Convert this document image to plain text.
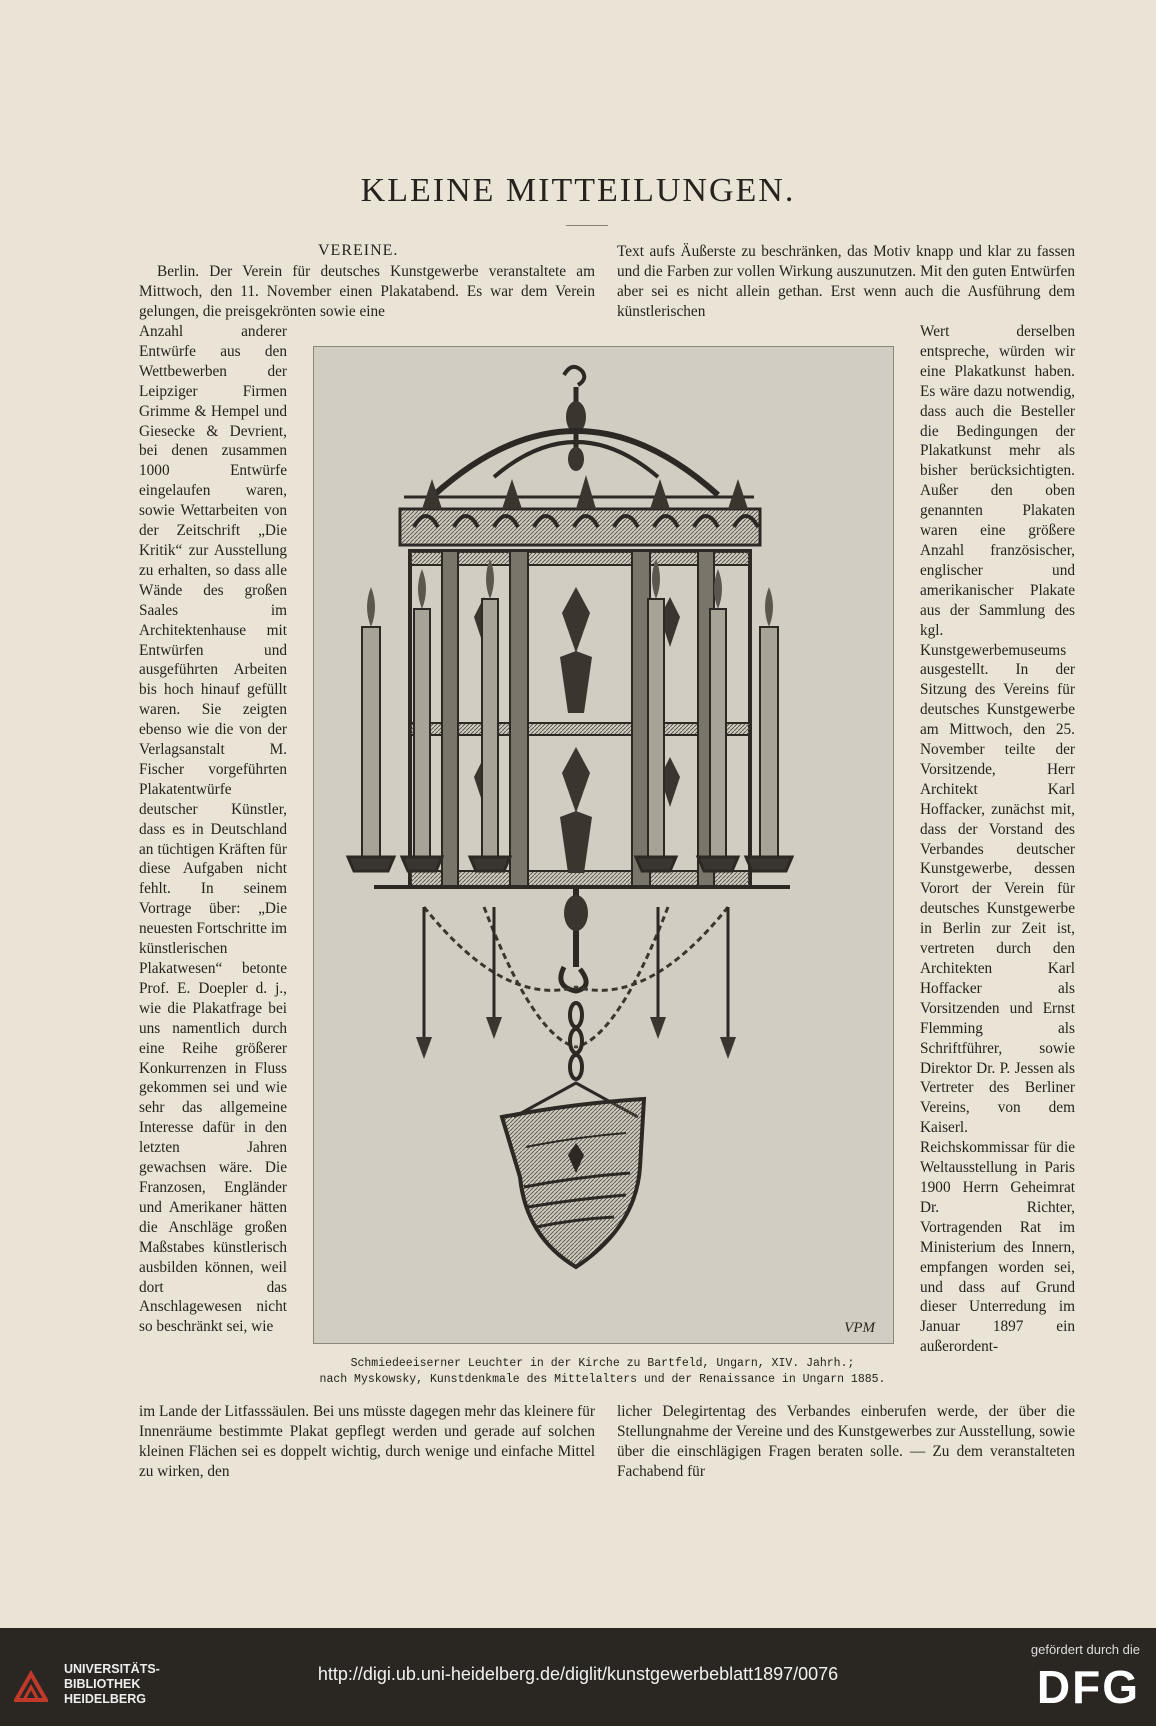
KLEINE MITTEILUNGEN.
VEREINE.

Berlin. Der Verein für deutsches Kunstgewerbe veranstaltete am Mittwoch, den 11. November einen Plakatabend. Es war dem Verein gelungen, die preisgekrönten sowie eine

Text aufs Äußerste zu beschränken, das Motiv knapp und klar zu fassen und die Farben zur vollen Wirkung auszunutzen. Mit den guten Entwürfen aber sei es nicht allein gethan. Erst wenn auch die Ausführung dem künstlerischen

Anzahl anderer Entwürfe aus den Wettbewerben der Leipziger Firmen Grimme & Hempel und Giesecke & Devrient, bei denen zusammen 1000 Entwürfe eingelaufen waren, sowie Wettarbeiten von der Zeitschrift „Die Kritik“ zur Ausstellung zu erhalten, so dass alle Wände des großen Saales im Architektenhause mit Entwürfen und ausgeführten Arbeiten bis hoch hinauf gefüllt waren. Sie zeigten ebenso wie die von der Verlagsanstalt M. Fischer vorgeführten Plakatentwürfe deutscher Künstler, dass es in Deutschland an tüchtigen Kräften für diese Aufgaben nicht fehlt. In seinem Vortrage über: „Die neuesten Fortschritte im künstlerischen Plakatwesen“ betonte Prof. E. Doepler d. j., wie die Plakatfrage bei uns namentlich durch eine Reihe größerer Konkurrenzen in Fluss gekommen sei und wie sehr das allgemeine Interesse dafür in den letzten Jahren gewachsen wäre. Die Franzosen, Engländer und Amerikaner hätten die Anschläge großen Maßstabes künstlerisch ausbilden können, weil dort das Anschlagewesen nicht so beschränkt sei, wie

Wert derselben entspreche, würden wir eine Plakatkunst haben. Es wäre dazu notwendig, dass auch die Besteller die Bedingungen der Plakatkunst mehr als bisher berücksichtigten. Außer den oben genannten Plakaten waren eine größere Anzahl französischer, englischer und amerikanischer Plakate aus der Sammlung des kgl. Kunstgewerbemuseums ausgestellt. In der Sitzung des Vereins für deutsches Kunstgewerbe am Mittwoch, den 25. November teilte der Vorsitzende, Herr Architekt Karl Hoffacker, zunächst mit, dass der Vorstand des Verbandes deutscher Kunstgewerbe, dessen Vorort der Verein für deutsches Kunstgewerbe in Berlin zur Zeit ist, vertreten durch den Architekten Karl Hoffacker als Vorsitzenden und Ernst Flemming als Schriftführer, sowie Direktor Dr. P. Jessen als Vertreter des Berliner Vereins, von dem Kaiserl. Reichskommissar für die Weltausstellung in Paris 1900 Herrn Geheimrat Dr. Richter, Vortragenden Rat im Ministerium des Innern, empfangen worden sei, und dass auf Grund dieser Unterredung im Januar 1897 ein außerordent-

VPM
Schmiedeeiserner Leuchter in der Kirche zu Bartfeld, Ungarn, XIV. Jahrh.;
nach Myskowsky, Kunstdenkmale des Mittelalters und der Renaissance in Ungarn 1885.

im Lande der Litfasssäulen. Bei uns müsste dagegen mehr das kleinere für Innenräume bestimmte Plakat gepflegt werden und gerade auf solchen kleinen Flächen sei es doppelt wichtig, durch wenige und einfache Mittel zu wirken, den

licher Delegirtentag des Verbandes einberufen werde, der über die Stellungnahme der Vereine und des Kunstgewerbes zur Ausstellung, sowie über die einschlägigen Fragen beraten solle. — Zu dem veranstalteten Fachabend für

UNIVERSITÄTS-
BIBLIOTHEK
HEIDELBERG
http://digi.ub.uni-heidelberg.de/diglit/kunstgewerbeblatt1897/0076
gefördert durch die
DFG
